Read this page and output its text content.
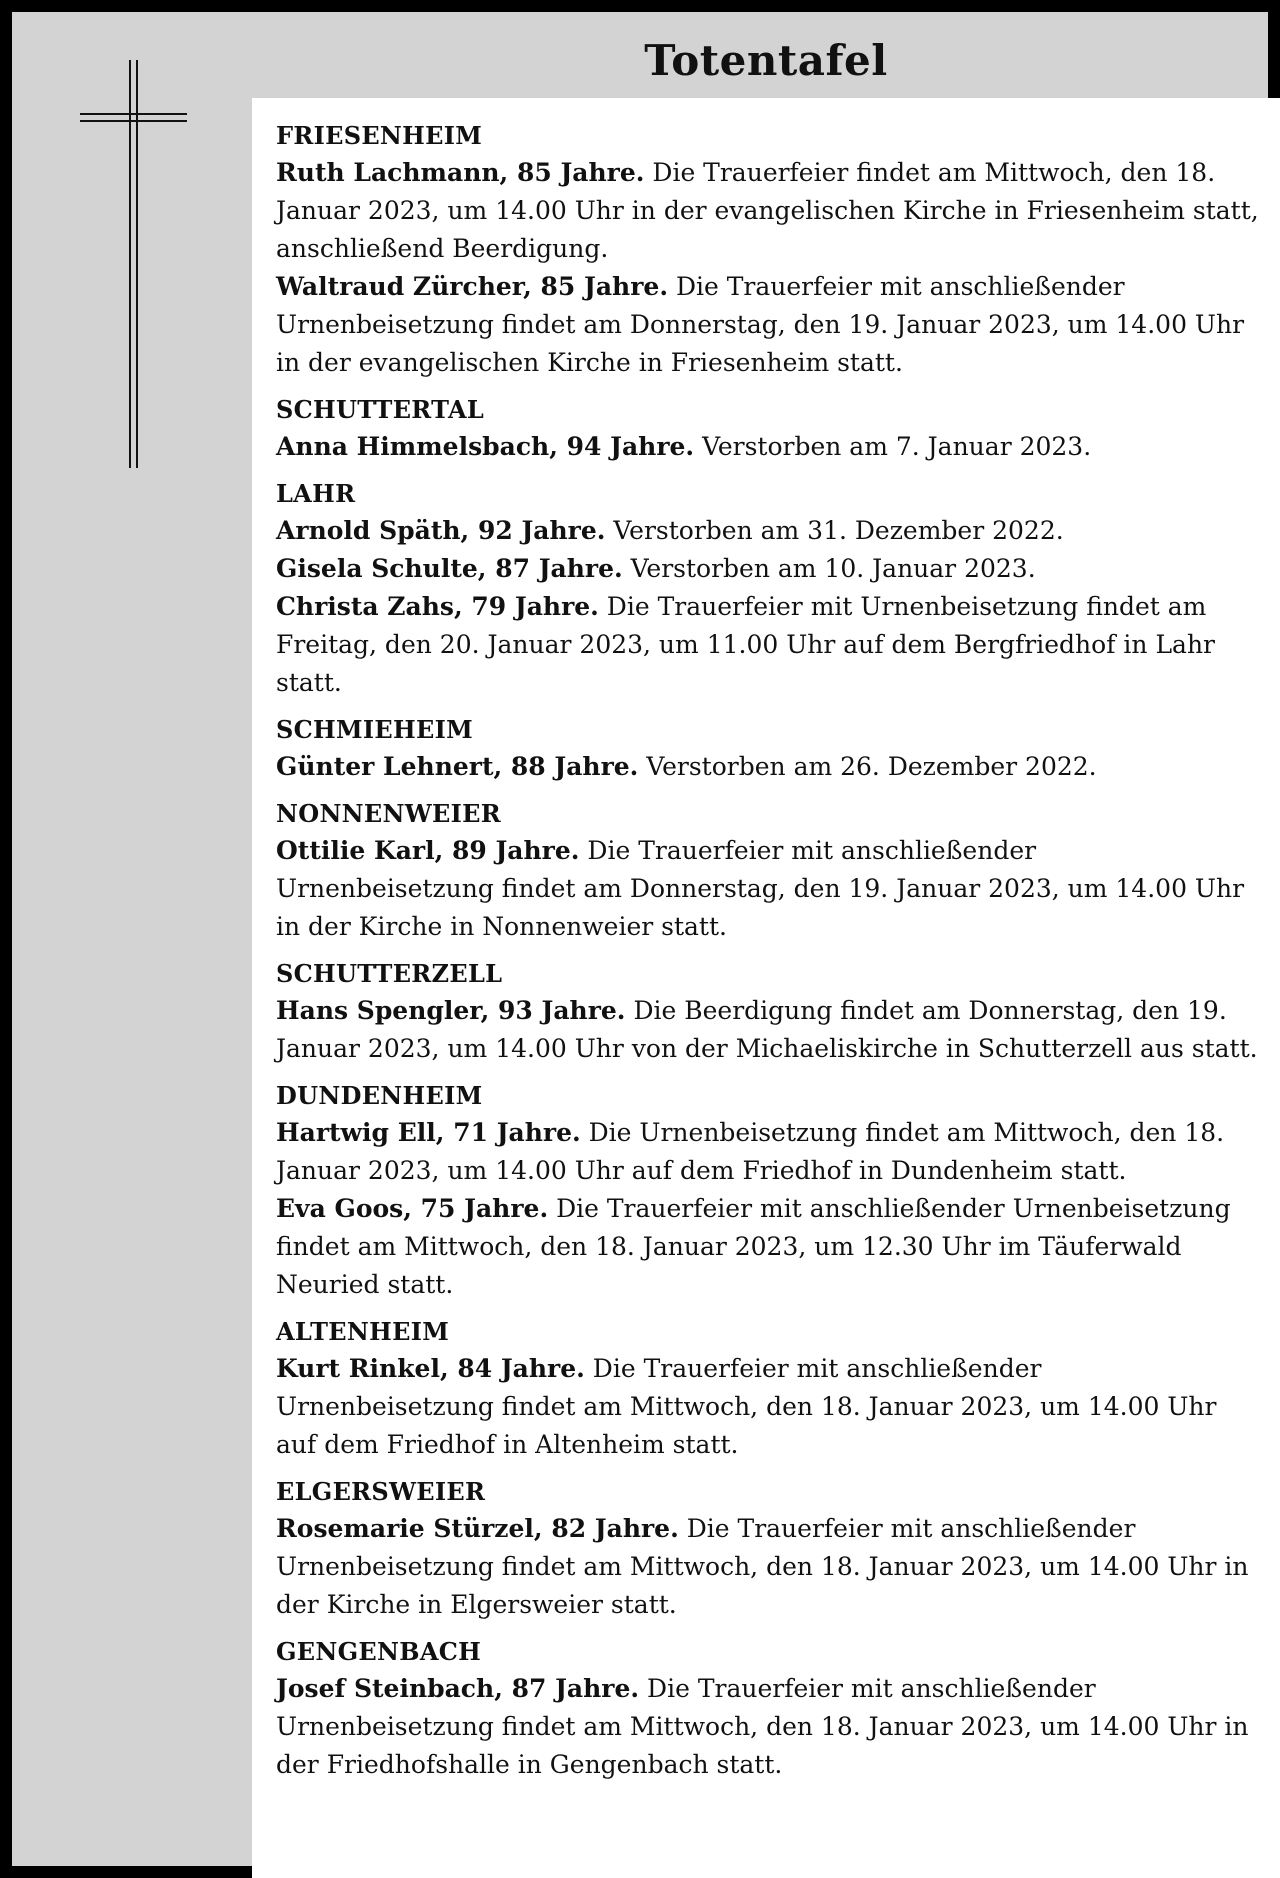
Totentafel
FRIESENHEIM
Ruth Lachmann, 85 Jahre. Die Trauerfeier findet am Mittwoch, den 18. Januar 2023, um 14.00 Uhr in der evangelischen Kirche in Friesenheim statt, anschließend Beerdigung.
Waltraud Zürcher, 85 Jahre. Die Trauerfeier mit anschließender Urnenbeisetzung findet am Donnerstag, den 19. Januar 2023, um 14.00 Uhr in der evangelischen Kirche in Friesenheim statt.
SCHUTTERTAL
Anna Himmelsbach, 94 Jahre. Verstorben am 7. Januar 2023.
LAHR
Arnold Späth, 92 Jahre. Verstorben am 31. Dezember 2022.
Gisela Schulte, 87 Jahre. Verstorben am 10. Januar 2023.
Christa Zahs, 79 Jahre. Die Trauerfeier mit Urnenbeisetzung findet am Freitag, den 20. Januar 2023, um 11.00 Uhr auf dem Bergfriedhof in Lahr statt.
SCHMIEHEIM
Günter Lehnert, 88 Jahre. Verstorben am 26. Dezember 2022.
NONNENWEIER
Ottilie Karl, 89 Jahre. Die Trauerfeier mit anschließender Urnenbeisetzung findet am Donnerstag, den 19. Januar 2023, um 14.00 Uhr in der Kirche in Nonnenweier statt.
SCHUTTERZELL
Hans Spengler, 93 Jahre. Die Beerdigung findet am Donnerstag, den 19. Januar 2023, um 14.00 Uhr von der Michaeliskirche in Schutterzell aus statt.
DUNDENHEIM
Hartwig Ell, 71 Jahre. Die Urnenbeisetzung findet am Mittwoch, den 18. Januar 2023, um 14.00 Uhr auf dem Friedhof in Dundenheim statt.
Eva Goos, 75 Jahre. Die Trauerfeier mit anschließender Urnenbeisetzung findet am Mittwoch, den 18. Januar 2023, um 12.30 Uhr im Täuferwald Neuried statt.
ALTENHEIM
Kurt Rinkel, 84 Jahre. Die Trauerfeier mit anschließender Urnenbeisetzung findet am Mittwoch, den 18. Januar 2023, um 14.00 Uhr auf dem Friedhof in Altenheim statt.
ELGERSWEIER
Rosemarie Stürzel, 82 Jahre. Die Trauerfeier mit anschließender Urnenbeisetzung findet am Mittwoch, den 18. Januar 2023, um 14.00 Uhr in der Kirche in Elgersweier statt.
GENGENBACH
Josef Steinbach, 87 Jahre. Die Trauerfeier mit anschließender Urnenbeisetzung findet am Mittwoch, den 18. Januar 2023, um 14.00 Uhr in der Friedhofshalle in Gengenbach statt.
